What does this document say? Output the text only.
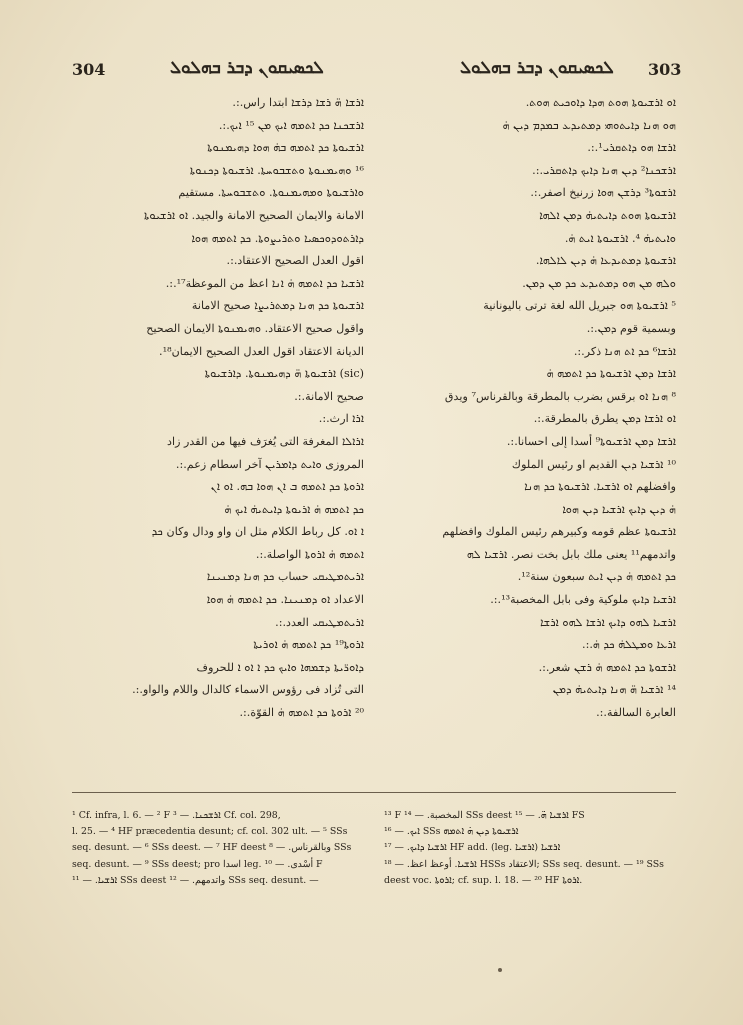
304	ܠܟܣܝܩܘܢ ܕܒܪ ܒܗܠܘܠ	ܠܟܣܝܩܘܢ ܕܒܪ ܒܗܠܘܠ 303
ܐܪܫܐ ܗ̈ ܪܫܐ ܕܪܫܐ ابتدا راس.:.
ܐܪܫܟܢܐ ܟܕ ܐܬܡܗ ܐܝܟ ܡܢ ¹⁵ ܐܝܟ.:.
ܐܪܫܝܘܬܐ ܟܕ ܐܬܡܗ ܒܗ̇ ܗܘܐ ܕܗܝܡܢܘܬܐ
¹⁶ ܘܗܝܡܢܘܬܐ ܘܬܫܒܘܚܬܐ. ܐܪܫܝܘܬܐ ܕܟܢܘܬܐ
ܘܐܪܫܝܘܬܐ ܘܡܗܝܡܢܘܬܐ. ܘܬܫܒܘܚܬܐ. مستقيم
الامانة والايمان الصحيح الامانة والجيد. ܐܘ ܐܪܫܝܘܬܐ
ܕܐܪܬܘܕܘܟܣܝܐ ܘܬܪܝܨܘܬܐ. ܟܕ ܐܬܡܗ ܗܘܐ
اقول العدل الصحيح الاعتقاد.:.
ܐܪܫܝܐ ܟܕ ܐܬܡܗ ܗ̇ ܐܢܐ اعظ من الموعظة¹⁷.:.
ܐܪܫܝܘܬܐ ܟܕ ܗܢܐ ܕܡܬܪܝܨܐ صحيح الامانة
واقول صحيح الاعتقاد. ܘܗܝܡܢܘܬܐ الايمان الصحيح
الديانة الاعتقاد اقول العدل الصحيح الايمان¹⁸.
(sic) ܐܪܫܝܘܬܐ ܗ̈ ܕܗܝܡܢܘܬܐ. ܕܐܪܫܝܘܬܐ
صحيح الامانة.:.
ܐܪܐ ارث.:.
ܐܪܐܠܐ المغرفة التى يُغرَف فيها من القدر زاد
المروزى ܘܐܝܬ ܕܐܡܪܝܢ آخر اسطام زعم.:.
ܐܪܘܬܐ ܟܕ ܐܬܡܗ ܒ ܐܢ ܗܘܐ ܒܗ. ܐܘ ܐܢ
ܟܕ ܐܬܡܗ ܗ̇ ܐܪܝܘܬܐ ܕܐܝܬܝܗ̇ ܐܝܟ ܗ̇
ܐ ܐܘ. كل رباط الكلام مثل ان واو ودال وكان ܟܕ
ܐܬܡܗ ܗ̇ ܐܪܘܬܐ الواصلة.:.
ܐܪܝܬܡܛܝܩܝ حساب ܟܕ ܗܢܐ ܕܡܢܝܢܐ
الاعداد ܐܘ ܕܡܢܝܢܐ. ܟܕ ܐܬܡܗ ܗ̇ ܗܘܐ
ܐܪܝܬܡܛܝܩܝ العدد.:.
ܐܪܘܬܐ¹⁹ ܟܕ ܐܬܡܗ ܗ̇ ܐܘܪܝܬܐ
ܕܐܘܪ̈ܝܬܐ ܕܫܡܗܐ ܘܐܝܟ ܟܕ ܐ ܐܘ ܐ للحروف
التى تُزاد فى رؤوس الاسماء كالدال واللام والواو.:.
²⁰ ܐܪܘܬܐ ܟܕ ܐܬܡܗ ܗ̇ القوّة.:.
ܐܘ ܐܪܫܝܘܬܐ ܗܘܬ ܗܕܐ ܕܐܘܟܝܬ ܗܘܬ.
ܗܘ ܗܢܐ ܕܐܝܬܘܗܝ ܕܡܬܝܕܥ ܒܡܕܡ ܕܝܢ ܗ̇
ܐܪܫܐ ܗܘ ܕܐܬܩܪܝ¹.:.
ܐܪܫܟܢܐ² ܕܝܢ ܗܢܐ ܕܐܝܟ ܕܐܬܩܪܝ.:.
ܐܪܫܘܬܐ³ ܕܪܫܢ ܗܘܐ زرنيخ اصفر.:.
ܐܪܫܝܘܬܐ ܗܘܬ ܕܐܝܬܝܗ̇ ܕܡܢ ܐܠܗܐ
ܘܐܝܬܝܗ̇ ⁴. ܐܪܫܝܘܬܐ ܐܝܬ ܗ̇.
ܐܪܫܝܘܬܐ ܕܡܬܝܕܥܐ ܗ̇ ܕܝܢ ܠܐܠܗܐ.
ܘܠܗ ܡܢ ܗܘ ܕܡܬܝܕܥ ܟܕ ܡܢ ܕܡܢ.
⁵ ܐܪܫܝܘܬܐ ܗܘ جبريل الله لغة ترتى باليونانية
وبسمية قوم ܕܡܢ.:.
ܐܪܫܐ⁶ ܟܕ ܐܬ ܗܢܐ ذكر.:.
ܐܪܫܐ ܕܡܢ ܐܪܫܝܘܬܐ ܟܕ ܐܬܡܗ ܗ̇
⁸ ܗܢܐ ܐܘ برقس بضرب بالمطرقة وبالقرناس⁷ ويدق
ܐܘ ܐܪܫܐ ܕܡܢ يطرق بالمطرقة.:.
ܐܪܫܐ ܕܡܢ ܐܪܫܝܘܬܐ⁹ أسدا إلى احسانا.:.
¹⁰ ܐܪܫܝܐ ܕܝܢ القديم او رئيس الملوك
وافضلهم ܐܘ ܐܪܫܝܐ. ܐܪܫܝܘܬܐ ܟܕ ܗܢܐ
ܗ̇ ܕܝܢ ܕܐܝܟ ܐܪܫܝܐ ܕܝܢ ܗܘܐ
ܐܪܫܝܘܬܐ عظم قومه وكبيرهم رئيس الملوك وافضلهم
واتدمهم¹¹ يعنى ملك بابل بخت نصر. ܐܪܫܝܐ ܠܗ
ܟܕ ܐܬܡܗ ܗ̇ ܕܝܢ ܐܝܬ سبعون سنة¹².
ܐܪܫܝܐ ܕܐܝܟ ملوكية وفى بابل المخصبة¹³.:.
ܐܪܫܝܐ ܠܗܘ ܕܐܝܟ ܐܪܫܐ ܠܗܘ ܐܪܫܐ
ܐܪܥܐ ܘܡܛܠܗ̇ ܟܕ ܗ̇.:.
ܐܪܫܘܬܐ ܟܕ ܐܬܡܗ ܗ̇ ܪܫܢ شعر.:.
¹⁴ ܐܪܫܝܐ ܗ̈ ܗܢܐ ܕܐܝܬܝܗ̇ ܕܡܢ
العابرة السالفة.:.
¹ Cf. infra, l. 6. — ² F ܐܪܫܟܢܐ. — ³ Cf. col. 298,
l. 25. — ⁴ HF præcedentia desunt; cf. col. 302 ult. — ⁵ SSs
seq. desunt. — ⁶ SSs deest. — ⁷ HF deest وبالقرناس. — ⁸ SSs
seq. desunt. — ⁹ SSs deest; pro اسدا leg. أسْدى. — ¹⁰ F
ܐܪܫܝܐ. — ¹¹ SSs deest واتدمهم. — ¹² SSs seq. desunt. —
¹³ F المخصبة. — ¹⁴ SSs deest ܐܪܫܝܐ ܗ̈. — ¹⁵ FS
ܐܝܟ. — ¹⁶ SSs ܐܪܫܝܘܬܐ ܕܝܢ ܗ̇ ܐܬܡܗ
ܐܪܫܝܐ ܕܐܝܟ. — ¹⁷ HF add. (leg. ܐܪܫܝܐ) ܐܪܫܝܐ
ܐܪܫܝܐ. أوعظ اعظ. — ¹⁸ HSSs الاعتقاد; SSs seq. desunt. — ¹⁹ SSs
deest voc. ܐܪܘܬܐ; cf. sup. l. 18. — ²⁰ HF ܐܪܘܬܐ.
